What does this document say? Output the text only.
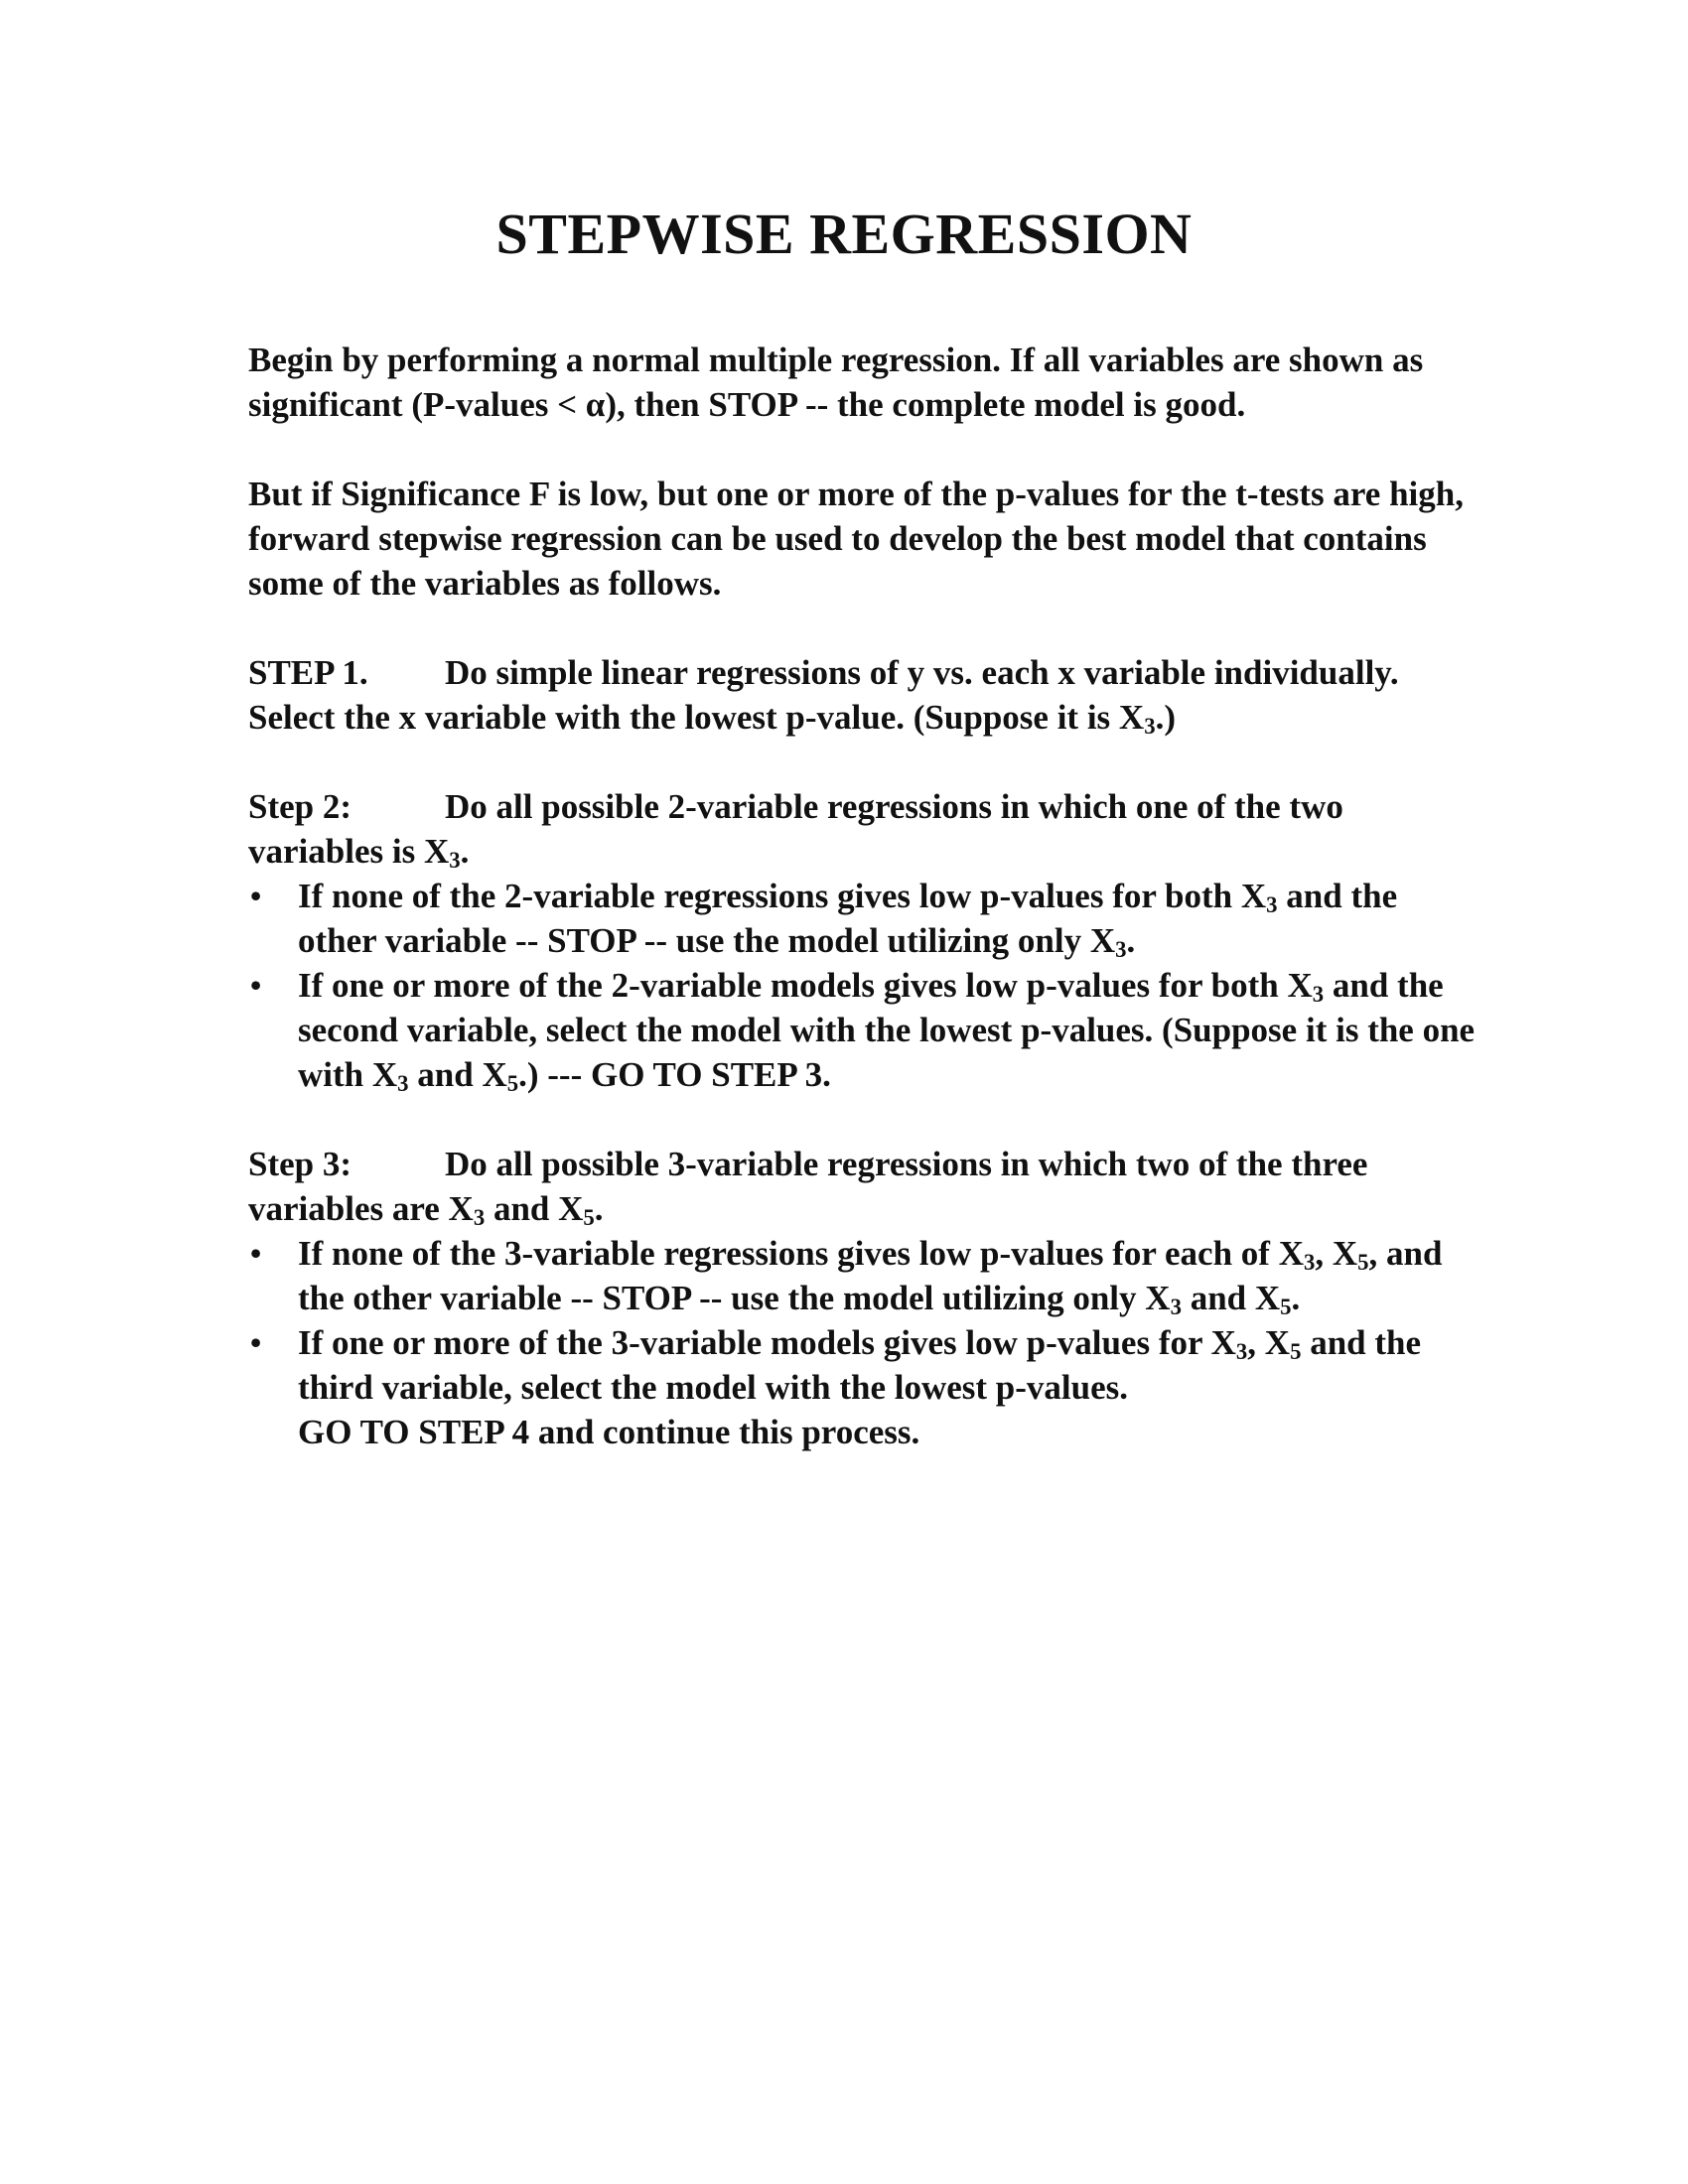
STEPWISE REGRESSION

Begin by performing a normal multiple regression. If all variables are shown as significant (P-values < α), then STOP -- the complete model is good.

But if Significance F is low, but one or more of the p-values for the t-tests are high, forward stepwise regression can be used to develop the best model that contains some of the variables as follows.

STEP 1. Do simple linear regressions of y vs. each x variable individually. Select the x variable with the lowest p-value. (Suppose it is $X_3$.)

Step 2:	Do all possible 2-variable regressions in which one of the two variables is $X_3$.

• If none of the 2-variable regressions gives low p-values for both $X_3$ and the other variable -- STOP -- use the model utilizing only $X_3$.
• If one or more of the 2-variable models gives low p-values for both $X_3$ and the second variable, select the model with the lowest p-values. (Suppose it is the one with $X_3$ and $X_5$.) --- GO TO STEP 3.

Step 3:	Do all possible 3-variable regressions in which two of the three variables are $X_3$ and $X_5$.

• If none of the 3-variable regressions gives low p-values for each of $X_3$, $X_5$, and the other variable -- STOP -- use the model utilizing only $X_3$ and $X_5$.
• If one or more of the 3-variable models gives low p-values for $X_3$, $X_5$ and the third variable, select the model with the lowest p-values.
GO TO STEP 4 and continue this process.
